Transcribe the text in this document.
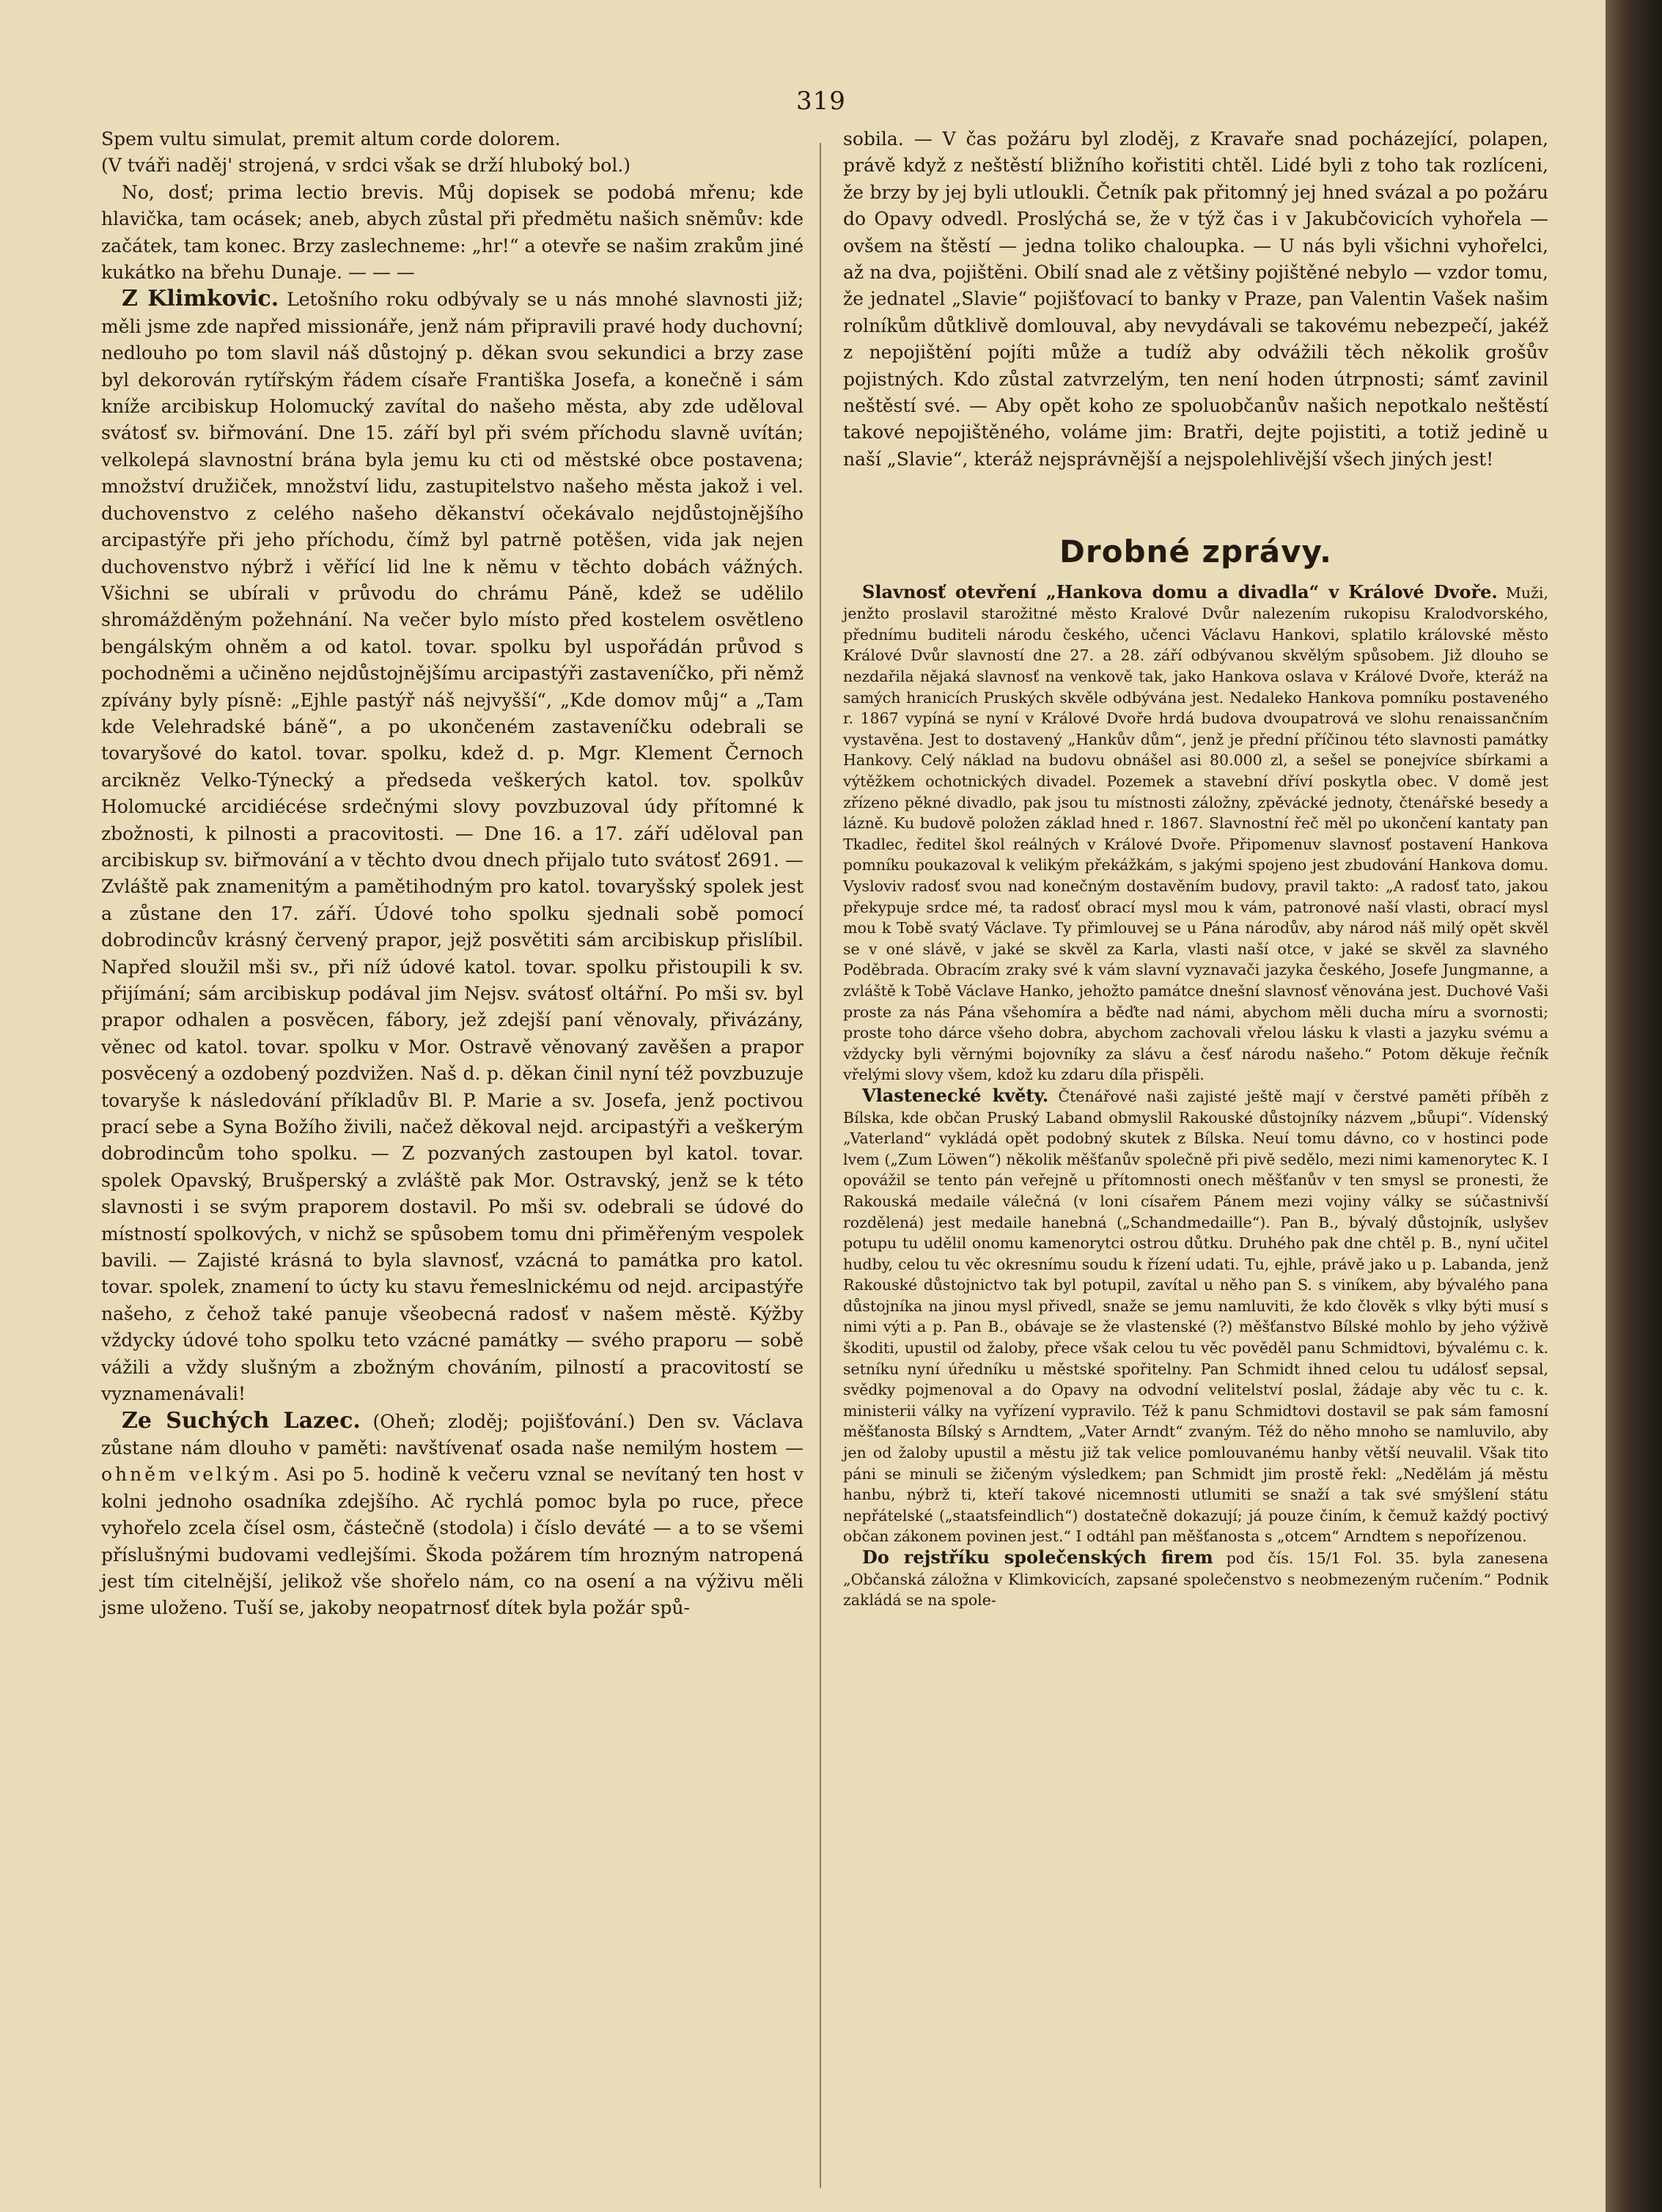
319

Spem vultu simulat, premit altum corde dolorem.

(V tváři naděj' strojená, v srdci však se drží hluboký bol.)

No, dosť; prima lectio brevis. Můj dopisek se podobá mřenu; kde hlavička, tam ocásek; aneb, abych zůstal při předmětu našich sněmův: kde začátek, tam konec. Brzy zaslechneme: „hr!“ a otevře se našim zrakům jiné kukátko na břehu Dunaje. — — —

Z Klimkovic. Letošního roku odbývaly se u nás mnohé slavnosti již; měli jsme zde napřed missionáře, jenž nám připravili pravé hody duchovní; nedlouho po tom slavil náš důstojný p. děkan svou sekundici a brzy zase byl dekorován rytířským řádem císaře Františka Josefa, a konečně i sám kníže arcibiskup Holomucký zavítal do našeho města, aby zde uděloval svátosť sv. biřmování. Dne 15. září byl při svém příchodu slavně uvítán; velkolepá slavnostní brána byla jemu ku cti od městské obce postavena; množství družiček, množství lidu, zastupitelstvo našeho města jakož i vel. duchovenstvo z celého našeho děkanství očekávalo nejdůstojnějšího arcipastýře při jeho příchodu, čímž byl patrně potěšen, vida jak nejen duchovenstvo nýbrž i věřící lid lne k němu v těchto dobách vážných. Všichni se ubírali v průvodu do chrámu Páně, kdež se udělilo shromážděným požehnání. Na večer bylo místo před kostelem osvětleno bengálským ohněm a od katol. tovar. spolku byl uspořádán průvod s pochodněmi a učiněno nejdůstojnějšímu arcipastýři zastaveníčko, při němž zpívány byly písně: „Ejhle pastýř náš nejvyšší“, „Kde domov můj“ a „Tam kde Velehradské báně“, a po ukončeném zastaveníčku odebrali se tovaryšové do katol. tovar. spolku, kdež d. p. Mgr. Klement Černoch arcikněz Velko-Týnecký a předseda veškerých katol. tov. spolkův Holomucké arcidiécése srdečnými slovy povzbuzoval údy přítomné k zbožnosti, k pilnosti a pracovitosti. — Dne 16. a 17. září uděloval pan arcibiskup sv. biřmování a v těchto dvou dnech přijalo tuto svátosť 2691. — Zvláště pak znamenitým a pamětihodným pro katol. tovaryšský spolek jest a zůstane den 17. září. Údové toho spolku sjednali sobě pomocí dobrodincův krásný červený prapor, jejž posvětiti sám arcibiskup přislíbil. Napřed sloužil mši sv., při níž údové katol. tovar. spolku přistoupili k sv. přijímání; sám arcibiskup podával jim Nejsv. svátosť oltářní. Po mši sv. byl prapor odhalen a posvěcen, fábory, jež zdejší paní věnovaly, přivázány, věnec od katol. tovar. spolku v Mor. Ostravě věnovaný zavěšen a prapor posvěcený a ozdobený pozdvižen. Naš d. p. děkan činil nyní též povzbuzuje tovaryše k následování příkladův Bl. P. Marie a sv. Josefa, jenž poctivou prací sebe a Syna Božího živili, načež děkoval nejd. arcipastýři a veškerým dobrodincům toho spolku. — Z pozvaných zastoupen byl katol. tovar. spolek Opavský, Brušperský a zvláště pak Mor. Ostravský, jenž se k této slavnosti i se svým praporem dostavil. Po mši sv. odebrali se údové do místností spolkových, v nichž se spůsobem tomu dni přiměřeným vespolek bavili. — Zajisté krásná to byla slavnosť, vzácná to památka pro katol. tovar. spolek, znamení to úcty ku stavu řemeslnickému od nejd. arcipastýře našeho, z čehož také panuje všeobecná radosť v našem městě. Kýžby vždycky údové toho spolku teto vzácné památky — svého praporu — sobě vážili a vždy slušným a zbožným chováním, pilností a pracovitostí se vyznamenávali!

Ze Suchých Lazec. (Oheň; zloděj; pojišťování.) Den sv. Václava zůstane nám dlouho v paměti: navštívenať osada naše nemilým hostem — ohněm velkým. Asi po 5. hodině k večeru vznal se nevítaný ten host v kolni jednoho osadníka zdejšího. Ač rychlá pomoc byla po ruce, přece vyhořelo zcela čísel osm, částečně (stodola) i číslo deváté — a to se všemi příslušnými budovami vedlejšími. Škoda požárem tím hrozným natropená jest tím citelnější, jelikož vše shořelo nám, co na osení a na výživu měli jsme uloženo. Tuší se, jakoby neopatrnosť dítek byla požár spů-

sobila. — V čas požáru byl zloděj, z Kravaře snad pocházející, polapen, právě když z neštěstí bližního kořistiti chtěl. Lidé byli z toho tak rozlíceni, že brzy by jej byli utloukli. Četník pak přitomný jej hned svázal a po požáru do Opavy odvedl. Proslýchá se, že v týž čas i v Jakubčovicích vyhořela — ovšem na štěstí — jedna toliko chaloupka. — U nás byli všichni vyhořelci, až na dva, pojištěni. Obilí snad ale z většiny pojištěné nebylo — vzdor tomu, že jednatel „Slavie“ pojišťovací to banky v Praze, pan Valentin Vašek našim rolníkům důtklivě domlouval, aby nevydávali se takovému nebezpečí, jakéž z nepojištění pojíti může a tudíž aby odvážili těch několik grošův pojistných. Kdo zůstal zatvrzelým, ten není hoden útrpnosti; sámť zavinil neštěstí své. — Aby opět koho ze spoluobčanův našich nepotkalo neštěstí takové nepojištěného, voláme jim: Bratři, dejte pojistiti, a totiž jedině u naší „Slavie“, kteráž nejsprávnější a nejspolehlivější všech jiných jest!

Drobné zprávy.

Slavnosť otevření „Hankova domu a divadla“ v Králové Dvoře. Muži, jenžto proslavil starožitné město Kralové Dvůr nalezením rukopisu Kralodvorského, přednímu buditeli národu českého, učenci Václavu Hankovi, splatilo královské město Králové Dvůr slavností dne 27. a 28. září odbývanou skvělým spůsobem. Již dlouho se nezdařila nějaká slavnosť na venkově tak, jako Hankova oslava v Králové Dvoře, kteráž na samých hranicích Pruských skvěle odbývána jest. Nedaleko Hankova pomníku postaveného r. 1867 vypíná se nyní v Králové Dvoře hrdá budova dvoupatrová ve slohu renaissančním vystavěna. Jest to dostavený „Hankův dům“, jenž je přední příčinou této slavnosti památky Hankovy. Celý náklad na budovu obnášel asi 80.000 zl, a sešel se ponejvíce sbírkami a výtěžkem ochotnických divadel. Pozemek a stavební dříví poskytla obec. V domě jest zřízeno pěkné divadlo, pak jsou tu místnosti záložny, zpěvácké jednoty, čtenářské besedy a lázně. Ku budově položen základ hned r. 1867. Slavnostní řeč měl po ukončení kantaty pan Tkadlec, ředitel škol reálných v Králové Dvoře. Připomenuv slavnosť postavení Hankova pomníku poukazoval k velikým překážkám, s jakými spojeno jest zbudování Hankova domu. Vysloviv radosť svou nad konečným dostavěním budovy, pravil takto: „A radosť tato, jakou překypuje srdce mé, ta radosť obrací mysl mou k vám, patronové naší vlasti, obrací mysl mou k Tobě svatý Václave. Ty přimlouvej se u Pána národův, aby národ náš milý opět skvěl se v oné slávě, v jaké se skvěl za Karla, vlasti naší otce, v jaké se skvěl za slavného Poděbrada. Obracím zraky své k vám slavní vyznavači jazyka českého, Josefe Jungmanne, a zvláště k Tobě Václave Hanko, jehožto památce dnešní slavnosť věnována jest. Duchové Vaši proste za nás Pána všehomíra a běďte nad námi, abychom měli ducha míru a svornosti; proste toho dárce všeho dobra, abychom zachovali vřelou lásku k vlasti a jazyku svému a vždycky byli věrnými bojovníky za slávu a česť národu našeho.“ Potom děkuje řečník vřelými slovy všem, kdož ku zdaru díla přispěli.

Vlastenecké květy. Čtenářové naši zajisté ještě mají v čerstvé paměti příběh z Bílska, kde občan Pruský Laband obmyslil Rakouské důstojníky názvem „bůupi“. Vídenský „Vaterland“ vykládá opět podobný skutek z Bílska. Neuí tomu dávno, co v hostinci pode lvem („Zum Löwen“) několik měšťanův společně při pivě sedělo, mezi nimi kamenorytec K. I opovážil se tento pán veřejně u přítomnosti onech měšťanův v ten smysl se pronesti, že Rakouská medaile válečná (v loni císařem Pánem mezi vojiny války se súčastnivší rozdělená) jest medaile hanebná („Schandmedaille“). Pan B., bývalý důstojník, uslyšev potupu tu udělil onomu kamenorytci ostrou důtku. Druhého pak dne chtěl p. B., nyní učitel hudby, celou tu věc okresnímu soudu k řízení udati. Tu, ejhle, právě jako u p. Labanda, jenž Rakouské důstojnictvo tak byl potupil, zavítal u něho pan S. s viníkem, aby bývalého pana důstojníka na jinou mysl přivedl, snaže se jemu namluviti, že kdo člověk s vlky býti musí s nimi výti a p. Pan B., obávaje se že vlastenské (?) měšťanstvo Bílské mohlo by jeho výživě škoditi, upustil od žaloby, přece však celou tu věc pověděl panu Schmidtovi, bývalému c. k. setníku nyní úředníku u městské spořitelny. Pan Schmidt ihned celou tu událosť sepsal, svědky pojmenoval a do Opavy na odvodní velitelství poslal, žádaje aby věc tu c. k. ministerii války na vyřízení vypravilo. Též k panu Schmidtovi dostavil se pak sám famosní měšťanosta Bílský s Arndtem, „Vater Arndt“ zvaným. Též do něho mnoho se namluvilo, aby jen od žaloby upustil a městu již tak velice pomlouvanému hanby větší neuvalil. Však tito páni se minuli se žičeným výsledkem; pan Schmidt jim prostě řekl: „Nedělám já městu hanbu, nýbrž ti, kteří takové nicemnosti utlumiti se snaží a tak své smýšlení státu nepřátelské („staatsfeindlich“) dostatečně dokazují; já pouze činím, k čemuž každý poctivý občan zákonem povinen jest.“ I odtáhl pan měšťanosta s „otcem“ Arndtem s nepořízenou.

Do rejstříku společenských firem pod čís. 15/1 Fol. 35. byla zanesena „Občanská záložna v Klimkovicích, zapsané společenstvo s neobmezeným ručením.“ Podnik zakládá se na spole-
